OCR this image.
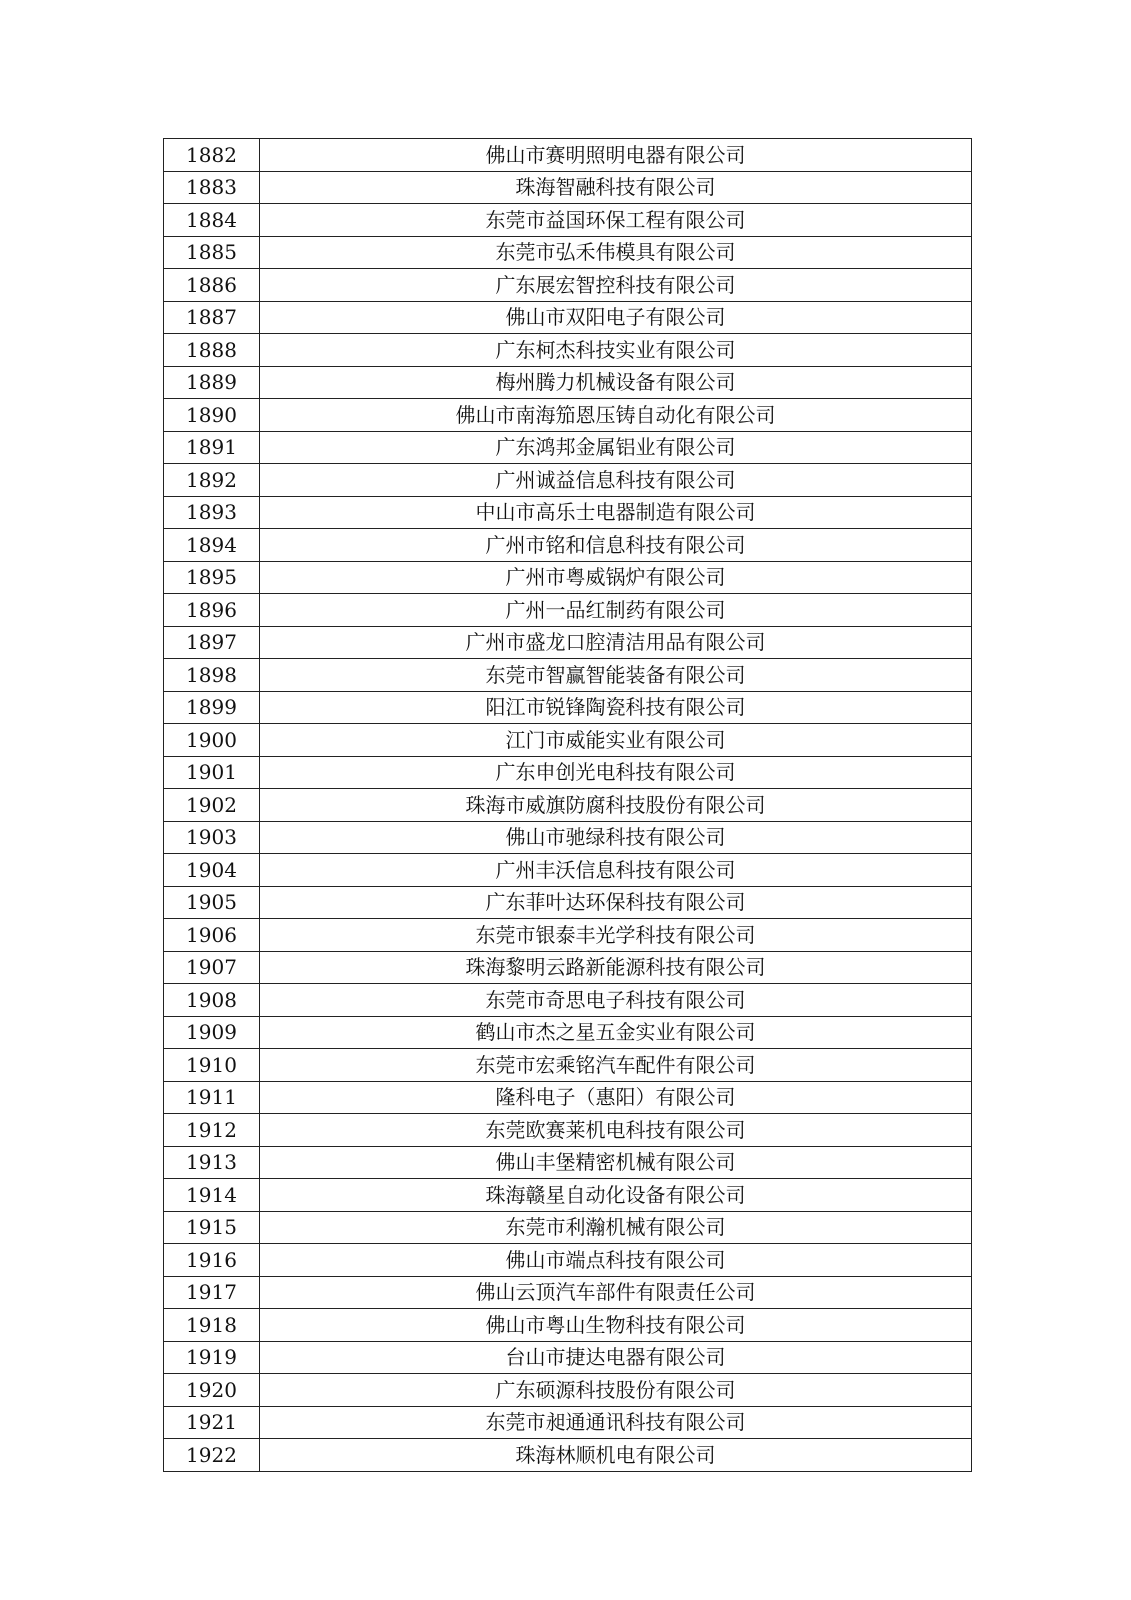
1882	佛山市赛明照明电器有限公司
1883	珠海智融科技有限公司
1884	东莞市益国环保工程有限公司
1885	东莞市弘禾伟模具有限公司
1886	广东展宏智控科技有限公司
1887	佛山市双阳电子有限公司
1888	广东柯杰科技实业有限公司
1889	梅州腾力机械设备有限公司
1890	佛山市南海笳恩压铸自动化有限公司
1891	广东鸿邦金属铝业有限公司
1892	广州诚益信息科技有限公司
1893	中山市高乐士电器制造有限公司
1894	广州市铭和信息科技有限公司
1895	广州市粤威锅炉有限公司
1896	广州一品红制药有限公司
1897	广州市盛龙口腔清洁用品有限公司
1898	东莞市智赢智能装备有限公司
1899	阳江市锐锋陶瓷科技有限公司
1900	江门市威能实业有限公司
1901	广东申创光电科技有限公司
1902	珠海市威旗防腐科技股份有限公司
1903	佛山市驰绿科技有限公司
1904	广州丰沃信息科技有限公司
1905	广东菲叶达环保科技有限公司
1906	东莞市银泰丰光学科技有限公司
1907	珠海黎明云路新能源科技有限公司
1908	东莞市奇思电子科技有限公司
1909	鹤山市杰之星五金实业有限公司
1910	东莞市宏乘铭汽车配件有限公司
1911	隆科电子（惠阳）有限公司
1912	东莞欧赛莱机电科技有限公司
1913	佛山丰堡精密机械有限公司
1914	珠海赣星自动化设备有限公司
1915	东莞市利瀚机械有限公司
1916	佛山市端点科技有限公司
1917	佛山云顶汽车部件有限责任公司
1918	佛山市粤山生物科技有限公司
1919	台山市捷达电器有限公司
1920	广东硕源科技股份有限公司
1921	东莞市昶通通讯科技有限公司
1922	珠海林顺机电有限公司
